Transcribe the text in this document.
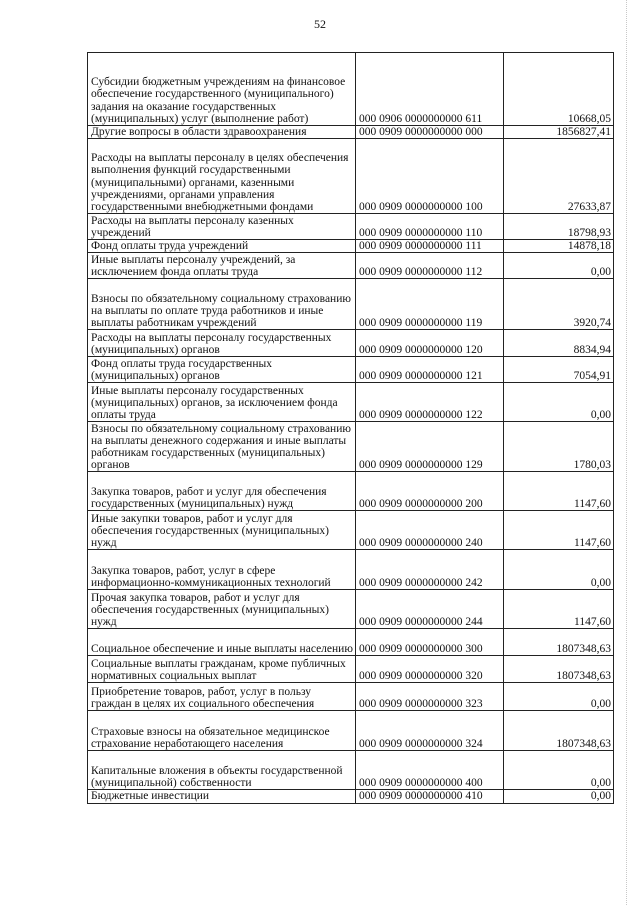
52
Субсидии бюджетным учреждениям на финансовое обеспечение государственного (муниципального) задания на оказание государственных (муниципальных) услуг (выполнение работ)	000 0906 0000000000 611	10668,05
Другие вопросы в области здравоохранения	000 0909 0000000000 000	1856827,41
Расходы на выплаты персоналу в целях обеспечения выполнения функций государственными (муниципальными) органами, казенными учреждениями, органами управления государственными внебюджетными фондами	000 0909 0000000000 100	27633,87
Расходы на выплаты персоналу казенных учреждений	000 0909 0000000000 110	18798,93
Фонд оплаты труда учреждений	000 0909 0000000000 111	14878,18
Иные выплаты персоналу учреждений, за исключением фонда оплаты труда	000 0909 0000000000 112	0,00
Взносы по обязательному социальному страхованию на выплаты по оплате труда работников и иные выплаты работникам учреждений	000 0909 0000000000 119	3920,74
Расходы на выплаты персоналу государственных (муниципальных) органов	000 0909 0000000000 120	8834,94
Фонд оплаты труда государственных (муниципальных) органов	000 0909 0000000000 121	7054,91
Иные выплаты персоналу государственных (муниципальных) органов, за исключением фонда оплаты труда	000 0909 0000000000 122	0,00
Взносы по обязательному социальному страхованию на выплаты денежного содержания и иные выплаты работникам государственных (муниципальных) органов	000 0909 0000000000 129	1780,03
Закупка товаров, работ и услуг для обеспечения государственных (муниципальных) нужд	000 0909 0000000000 200	1147,60
Иные закупки товаров, работ и услуг для обеспечения государственных (муниципальных) нужд	000 0909 0000000000 240	1147,60
Закупка товаров, работ, услуг в сфере информационно-коммуникационных технологий	000 0909 0000000000 242	0,00
Прочая закупка товаров, работ и услуг для обеспечения государственных (муниципальных) нужд	000 0909 0000000000 244	1147,60
Социальное обеспечение и иные выплаты населению	000 0909 0000000000 300	1807348,63
Социальные выплаты гражданам, кроме публичных нормативных социальных выплат	000 0909 0000000000 320	1807348,63
Приобретение товаров, работ, услуг в пользу граждан в целях их социального обеспечения	000 0909 0000000000 323	0,00
Страховые взносы на обязательное медицинское страхование неработающего населения	000 0909 0000000000 324	1807348,63
Капитальные вложения в объекты государственной (муниципальной) собственности	000 0909 0000000000 400	0,00
Бюджетные инвестиции	000 0909 0000000000 410	0,00
